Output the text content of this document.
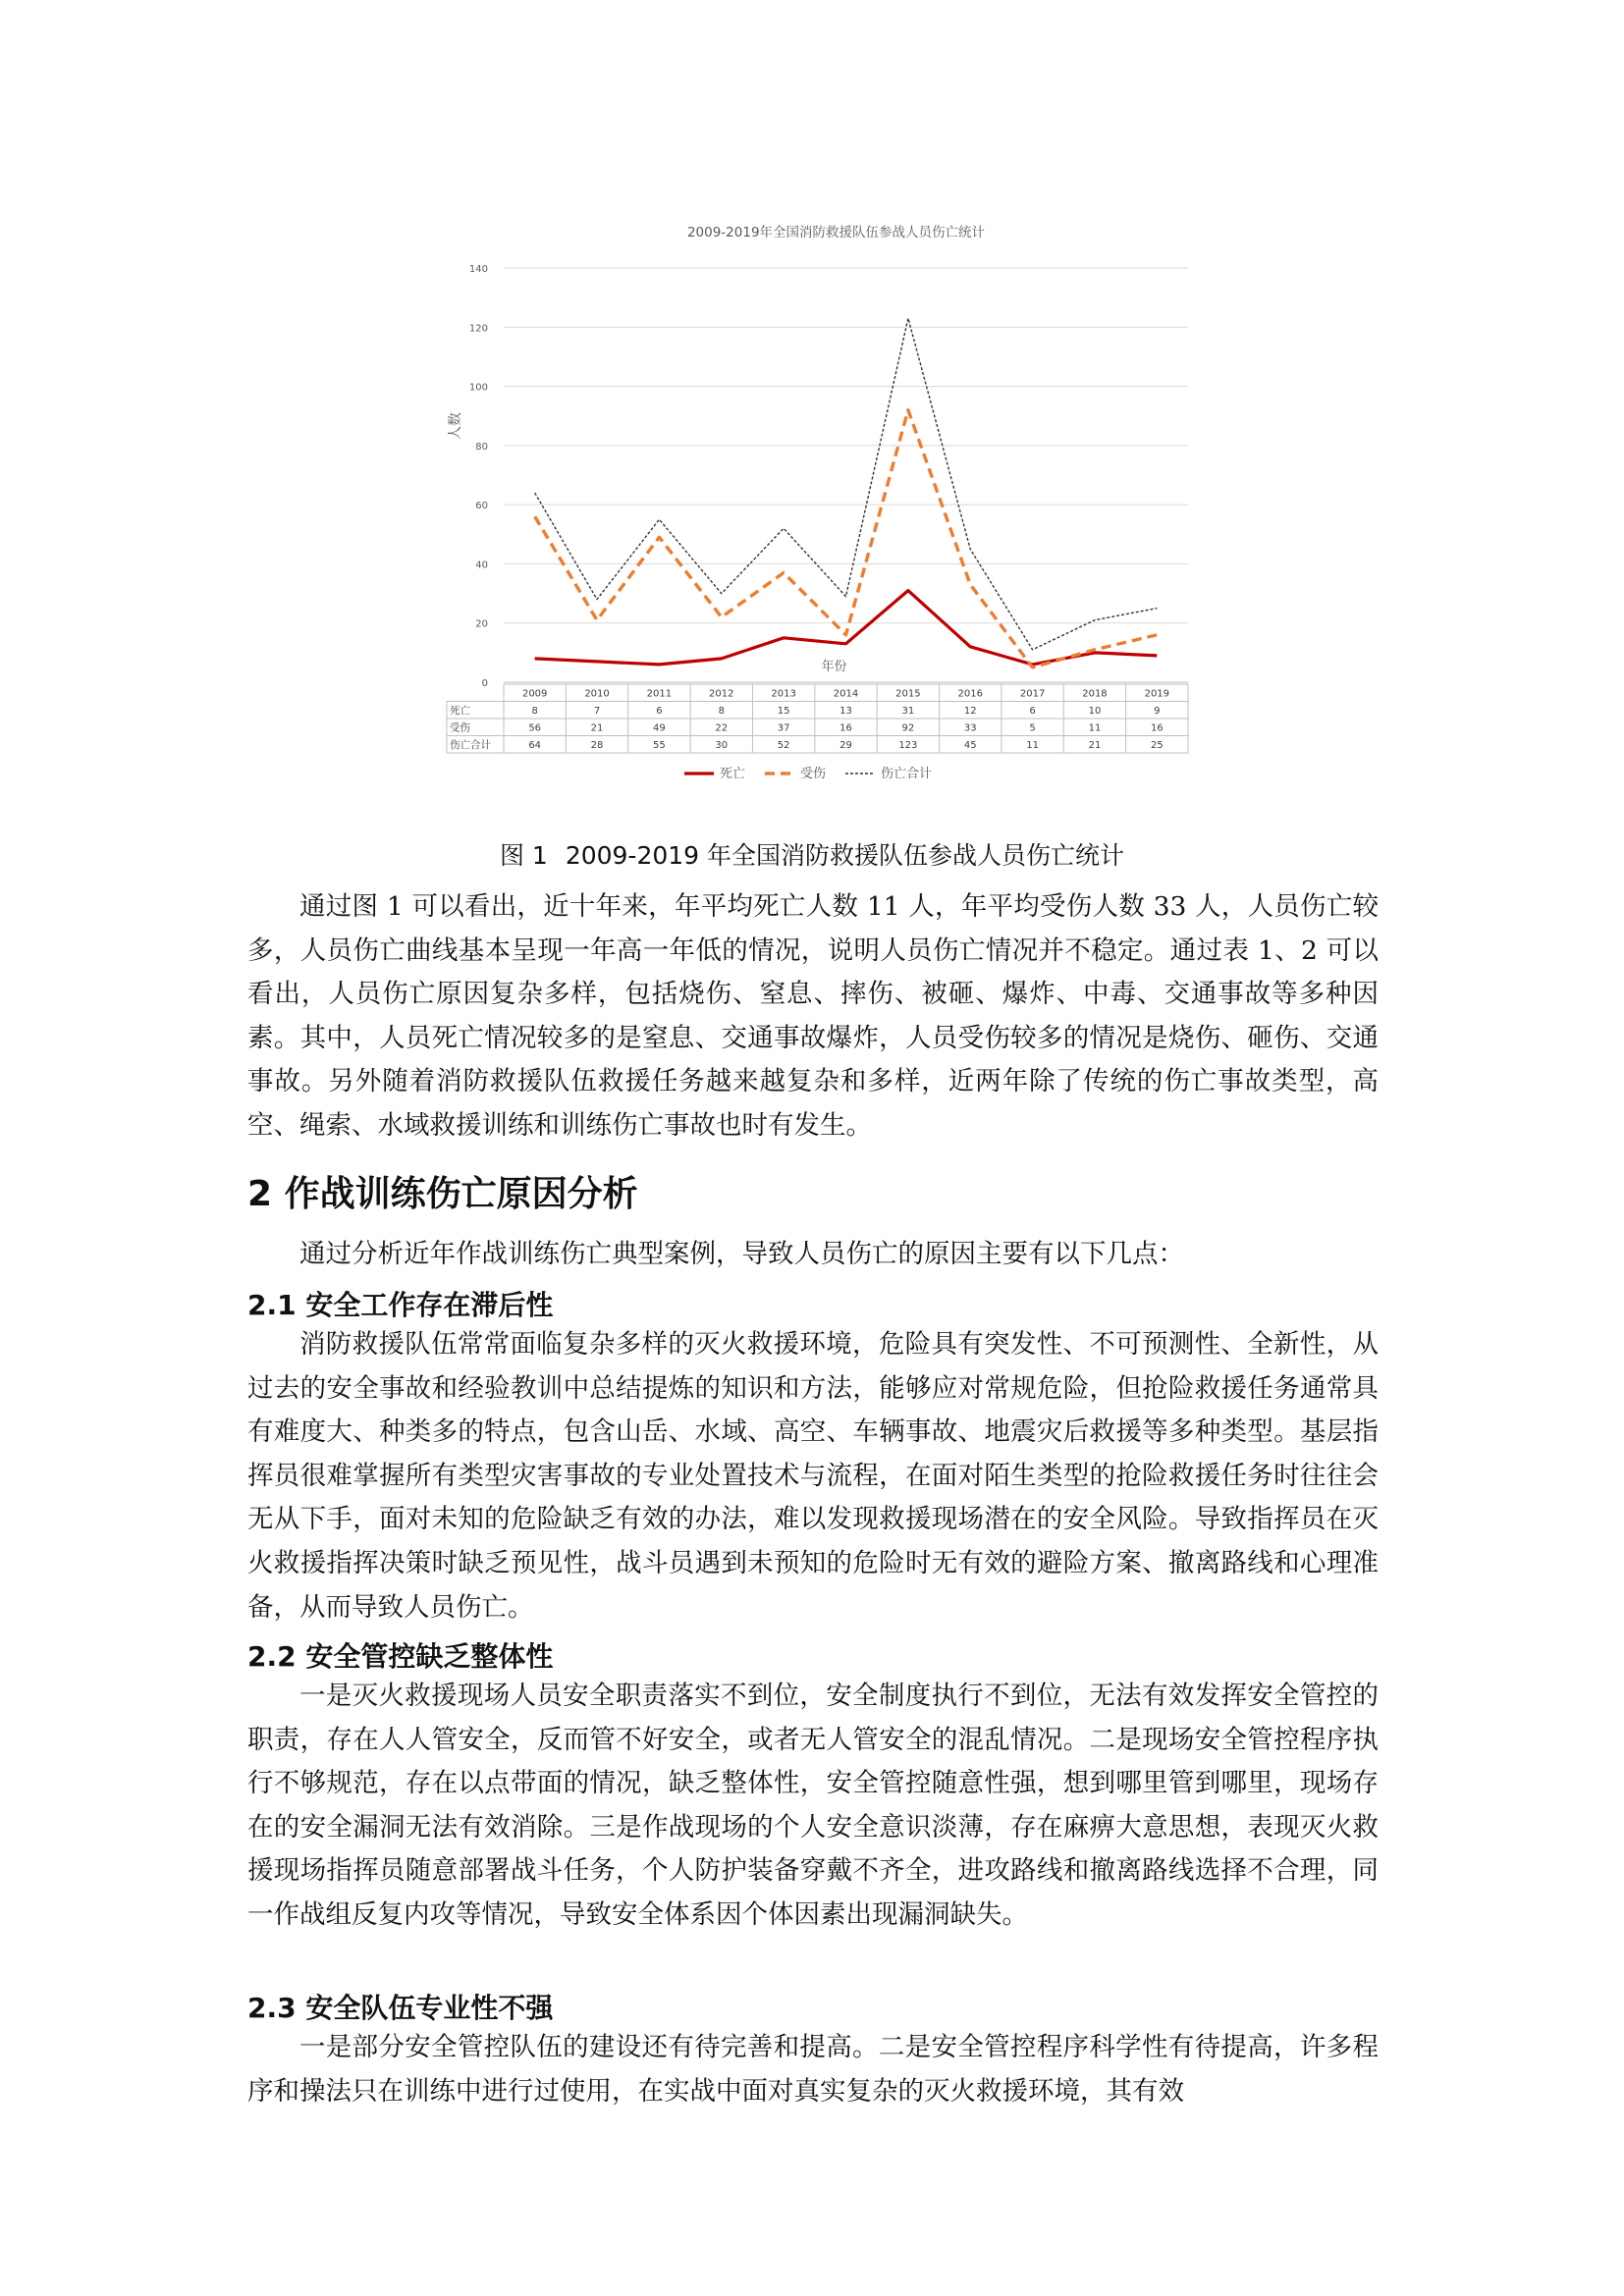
2009-2019年全国消防救援队伍参战人员伤亡统计
0
20
40
60
80
100
120
140
人数
年份
2009	2010	2011	2012	2013	2014	2015	2016	2017	2018	2019
死亡	8	7	6	8	15	13	31	12	6	10	9
受伤	56	21	49	22	37	16	92	33	5	11	16
伤亡合计	64	28	55	30	52	29	123	45	11	21	25
死亡	受伤	伤亡合计
图 1 2009-2019 年全国消防救援队伍参战人员伤亡统计

通过图 1 可以看出，近十年来，年平均死亡人数 11 人，年平均受伤人数 33 人，人员伤亡较多，人员伤亡曲线基本呈现一年高一年低的情况，说明人员伤亡情况并不稳定。通过表 1、2 可以看出，人员伤亡原因复杂多样，包括烧伤、窒息、摔伤、被砸、爆炸、中毒、交通事故等多种因素。其中，人员死亡情况较多的是窒息、交通事故爆炸，人员受伤较多的情况是烧伤、砸伤、交通事故。另外随着消防救援队伍救援任务越来越复杂和多样，近两年除了传统的伤亡事故类型，高空、绳索、水域救援训练和训练伤亡事故也时有发生。

2 作战训练伤亡原因分析

通过分析近年作战训练伤亡典型案例，导致人员伤亡的原因主要有以下几点：

2.1 安全工作存在滞后性

消防救援队伍常常面临复杂多样的灭火救援环境，危险具有突发性、不可预测性、全新性，从过去的安全事故和经验教训中总结提炼的知识和方法，能够应对常规危险，但抢险救援任务通常具有难度大、种类多的特点，包含山岳、水域、高空、车辆事故、地震灾后救援等多种类型。基层指挥员很难掌握所有类型灾害事故的专业处置技术与流程，在面对陌生类型的抢险救援任务时往往会无从下手，面对未知的危险缺乏有效的办法，难以发现救援现场潜在的安全风险。导致指挥员在灭火救援指挥决策时缺乏预见性，战斗员遇到未预知的危险时无有效的避险方案、撤离路线和心理准备，从而导致人员伤亡。

2.2 安全管控缺乏整体性

一是灭火救援现场人员安全职责落实不到位，安全制度执行不到位，无法有效发挥安全管控的职责，存在人人管安全，反而管不好安全，或者无人管安全的混乱情况。二是现场安全管控程序执行不够规范，存在以点带面的情况，缺乏整体性，安全管控随意性强，想到哪里管到哪里，现场存在的安全漏洞无法有效消除。三是作战现场的个人安全意识淡薄，存在麻痹大意思想，表现灭火救援现场指挥员随意部署战斗任务，个人防护装备穿戴不齐全，进攻路线和撤离路线选择不合理，同一作战组反复内攻等情况，导致安全体系因个体因素出现漏洞缺失。

2.3 安全队伍专业性不强

一是部分安全管控队伍的建设还有待完善和提高。二是安全管控程序科学性有待提高，许多程序和操法只在训练中进行过使用，在实战中面对真实复杂的灭火救援环境，其有效
